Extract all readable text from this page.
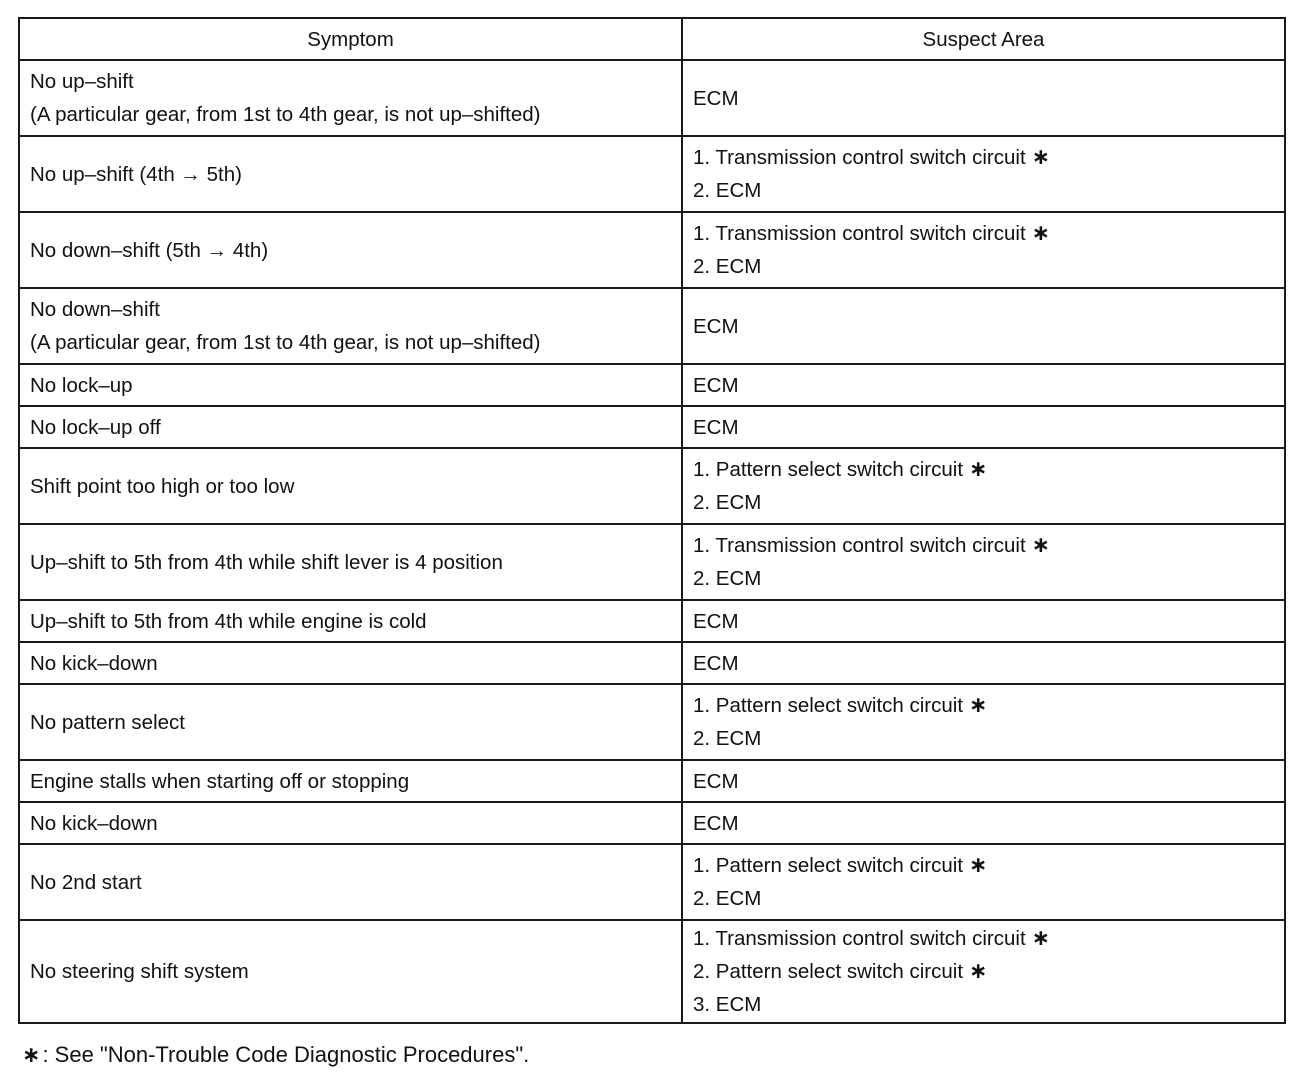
Symptom	Suspect Area

No up–shift
(A particular gear, from 1st to 4th gear, is not up–shifted)	ECM

No up–shift (4th → 5th)	1. Transmission control switch circuit ∗
2. ECM

No down–shift (5th → 4th)	1. Transmission control switch circuit ∗
2. ECM

No down–shift
(A particular gear, from 1st to 4th gear, is not up–shifted)	ECM

No lock–up	ECM

No lock–up off	ECM

Shift point too high or too low	1. Pattern select switch circuit ∗
2. ECM

Up–shift to 5th from 4th while shift lever is 4 position	1. Transmission control switch circuit ∗
2. ECM

Up–shift to 5th from 4th while engine is cold	ECM

No kick–down	ECM

No pattern select	1. Pattern select switch circuit ∗
2. ECM

Engine stalls when starting off or stopping	ECM

No kick–down	ECM

No 2nd start	1. Pattern select switch circuit ∗
2. ECM

No steering shift system	1. Transmission control switch circuit ∗
2. Pattern select switch circuit ∗
3. ECM
∗: See "Non-Trouble Code Diagnostic Procedures".
